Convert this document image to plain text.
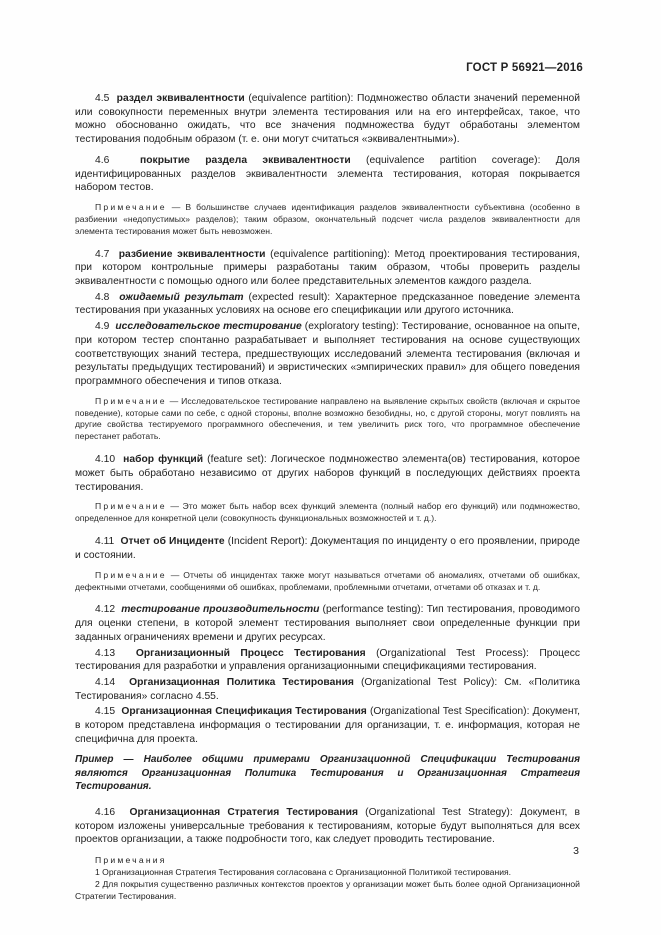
ГОСТ Р 56921—2016

4.5 раздел эквивалентности (equivalence partition): Подмножество области значений переменной или совокупности переменных внутри элемента тестирования или на его интерфейсах, такое, что можно обоснованно ожидать, что все значения подмножества будут обработаны элементом тестирования подобным образом (т. е. они могут считаться «эквивалентными»).

4.6	покрытие раздела эквивалентности (equivalence partition coverage): Доля идентифицированных разделов эквивалентности элемента тестирования, которая покрывается набором тестов.

Примечание — В большинстве случаев идентификация разделов эквивалентности субъективна (особенно в разбиении «недопустимых» разделов); таким образом, окончательный подсчет числа разделов эквивалентности для элемента тестирования может быть невозможен.

4.7 разбиение эквивалентности (equivalence partitioning): Метод проектирования тестирования, при котором контрольные примеры разработаны таким образом, чтобы проверить разделы эквивалентности с помощью одного или более представительных элементов каждого раздела.

4.8 ожидаемый результат (expected result): Характерное предсказанное поведение элемента тестирования при указанных условиях на основе его спецификации или другого источника.

4.9 исследовательское тестирование (exploratory testing): Тестирование, основанное на опыте, при котором тестер спонтанно разрабатывает и выполняет тестирования на основе существующих соответствующих знаний тестера, предшествующих исследований элемента тестирования (включая и результаты предыдущих тестирований) и эвристических «эмпирических правил» для общего поведения программного обеспечения и типов отказа.

Примечание — Исследовательское тестирование направлено на выявление скрытых свойств (включая и скрытое поведение), которые сами по себе, с одной стороны, вполне возможно безобидны, но, с другой стороны, могут повлиять на другие свойства тестируемого программного обеспечения, и тем увеличить риск того, что программное обеспечение перестанет работать.

4.10 набор функций (feature set): Логическое подмножество элемента(ов) тестирования, которое может быть обработано независимо от других наборов функций в последующих действиях проекта тестирования.

Примечание — Это может быть набор всех функций элемента (полный набор его функций) или подмножество, определенное для конкретной цели (совокупность функциональных возможностей и т. д.).

4.11 Отчет об Инциденте (Incident Report): Документация по инциденту о его проявлении, природе и состоянии.

Примечание — Отчеты об инцидентах также могут называться отчетами об аномалиях, отчетами об ошибках, дефектными отчетами, сообщениями об ошибках, проблемами, проблемными отчетами, отчетами об отказах и т. д.

4.12 тестирование производительности (performance testing): Тип тестирования, проводимого для оценки степени, в которой элемент тестирования выполняет свои определенные функции при заданных ограничениях времени и других ресурсах.

4.13 Организационный Процесс Тестирования (Organizational Test Process): Процесс тестирования для разработки и управления организационными спецификациями тестирования.

4.14 Организационная Политика Тестирования (Organizational Test Policy): См. «Политика Тестирования» согласно 4.55.

4.15 Организационная Спецификация Тестирования (Organizational Test Specification): Документ, в котором представлена информация о тестировании для организации, т. е. информация, которая не специфична для проекта.

Пример — Наиболее общими примерами Организационной Спецификации Тестирования являются Организационная Политика Тестирования и Организационная Стратегия Тестирования.

4.16 Организационная Стратегия Тестирования (Organizational Test Strategy): Документ, в котором изложены универсальные требования к тестированиям, которые будут выполняться для всех проектов организации, а также подробности того, как следует проводить тестирование.

Примечания
1 Организационная Стратегия Тестирования согласована с Организационной Политикой тестирования.
2 Для покрытия существенно различных контекстов проектов у организации может быть более одной Организационной Стратегии Тестирования.
3
